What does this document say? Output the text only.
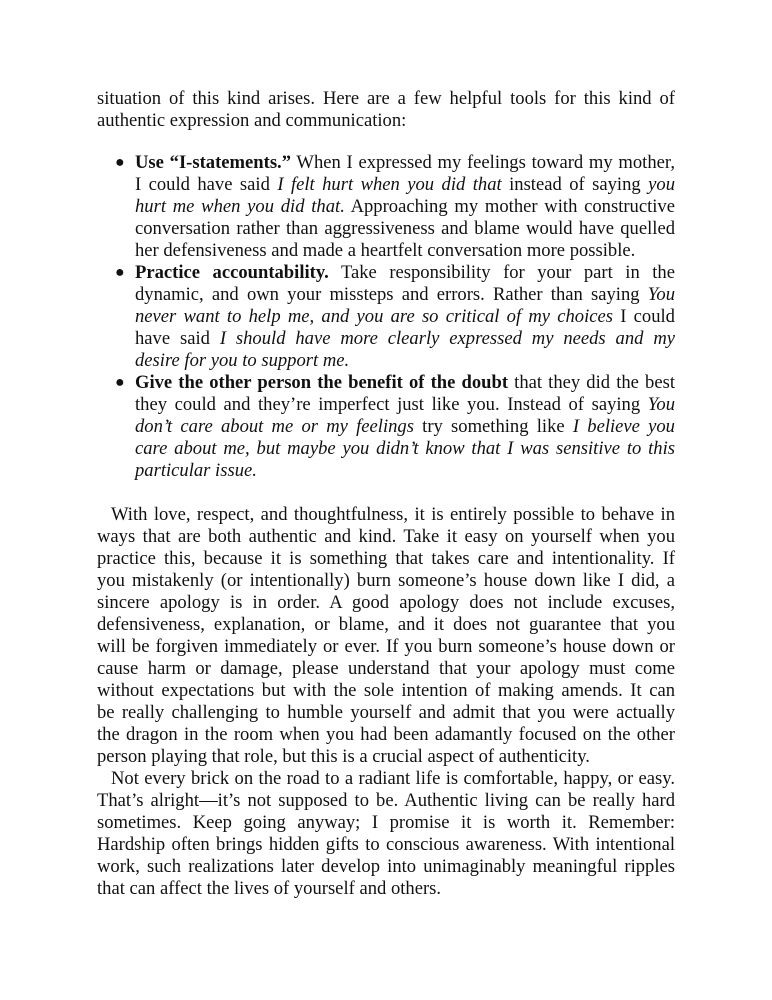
situation of this kind arises. Here are a few helpful tools for this kind of
authentic expression and communication:
● Use “I-statements.” When I expressed my feelings toward my mother,
I could have said I felt hurt when you did that instead of saying you
hurt me when you did that. Approaching my mother with constructive
conversation rather than aggressiveness and blame would have quelled
her defensiveness and made a heartfelt conversation more possible.
● Practice accountability. Take responsibility for your part in the
dynamic, and own your missteps and errors. Rather than saying You
never want to help me, and you are so critical of my choices I could
have said I should have more clearly expressed my needs and my
desire for you to support me.
● Give the other person the benefit of the doubt that they did the best
they could and they’re imperfect just like you. Instead of saying You
don’t care about me or my feelings try something like I believe you
care about me, but maybe you didn’t know that I was sensitive to this
particular issue.
With love, respect, and thoughtfulness, it is entirely possible to behave in
ways that are both authentic and kind. Take it easy on yourself when you
practice this, because it is something that takes care and intentionality. If
you mistakenly (or intentionally) burn someone’s house down like I did, a
sincere apology is in order. A good apology does not include excuses,
defensiveness, explanation, or blame, and it does not guarantee that you
will be forgiven immediately or ever. If you burn someone’s house down or
cause harm or damage, please understand that your apology must come
without expectations but with the sole intention of making amends. It can
be really challenging to humble yourself and admit that you were actually
the dragon in the room when you had been adamantly focused on the other
person playing that role, but this is a crucial aspect of authenticity.
Not every brick on the road to a radiant life is comfortable, happy, or easy.
That’s alright—it’s not supposed to be. Authentic living can be really hard
sometimes. Keep going anyway; I promise it is worth it. Remember:
Hardship often brings hidden gifts to conscious awareness. With intentional
work, such realizations later develop into unimaginably meaningful ripples
that can affect the lives of yourself and others.
